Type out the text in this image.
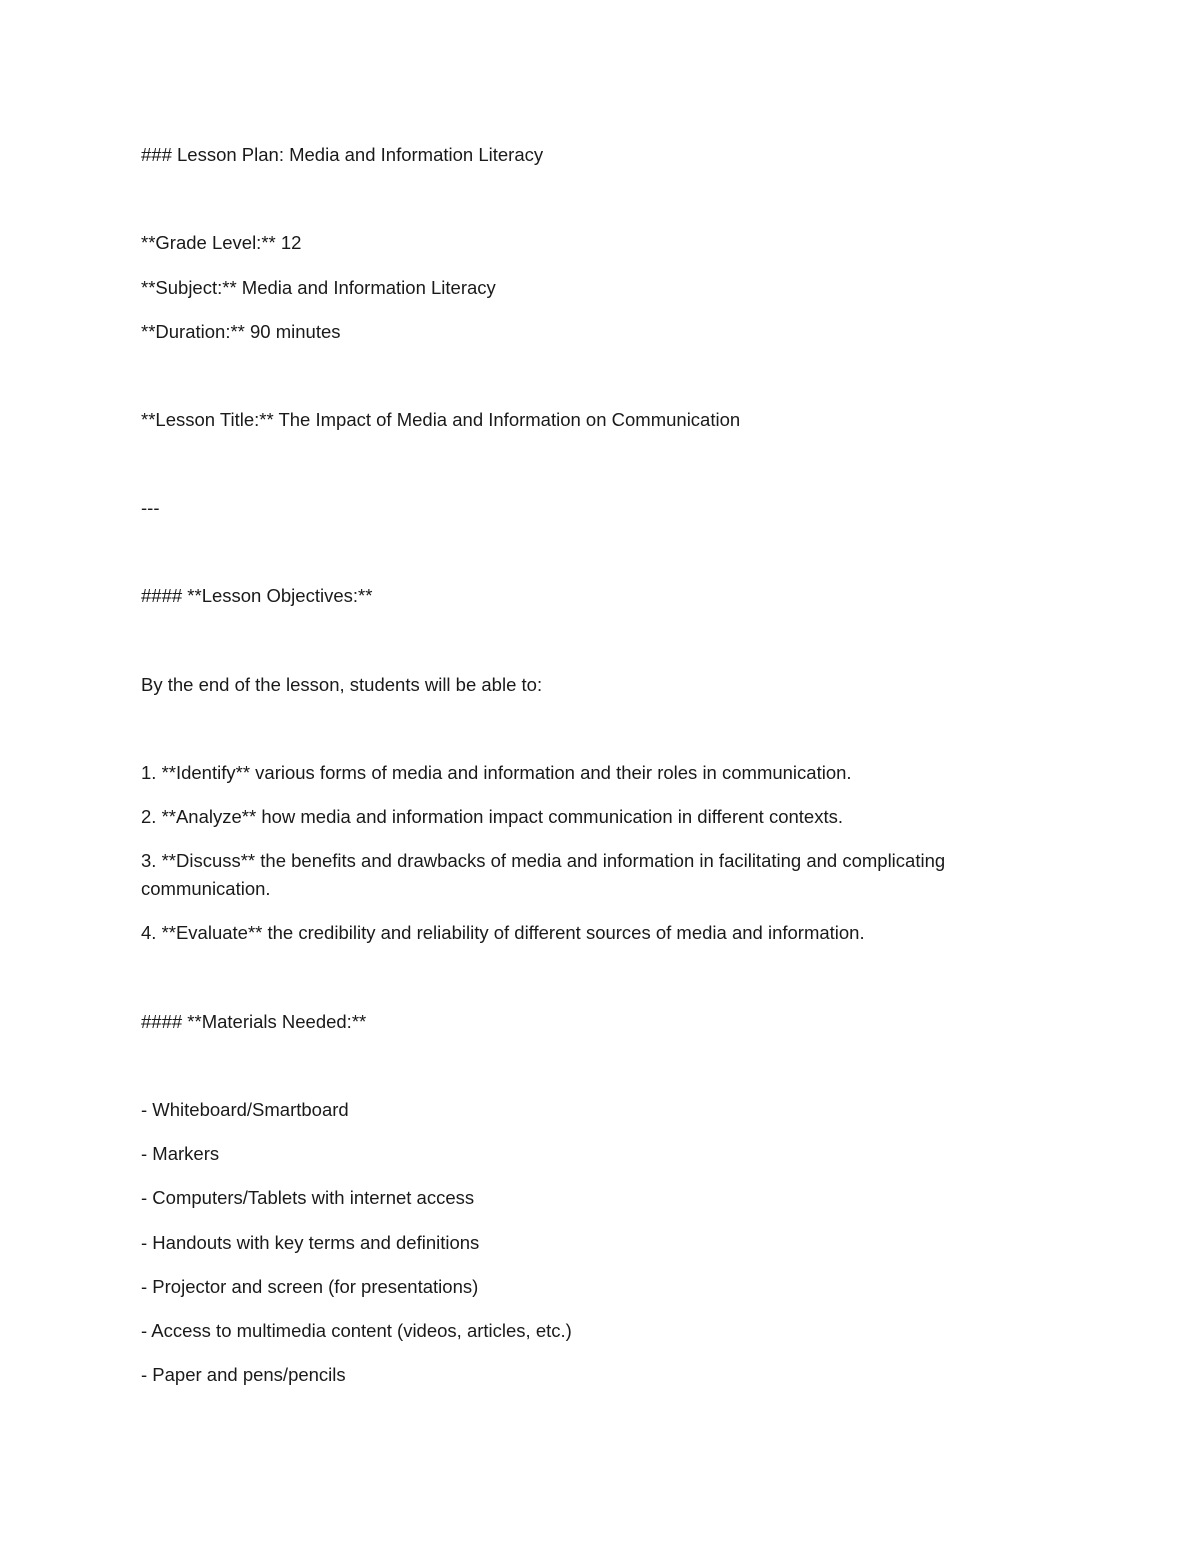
### Lesson Plan: Media and Information Literacy
**Grade Level:** 12
**Subject:** Media and Information Literacy
**Duration:** 90 minutes
**Lesson Title:** The Impact of Media and Information on Communication
---
#### **Lesson Objectives:**
By the end of the lesson, students will be able to:
1. **Identify** various forms of media and information and their roles in communication.
2. **Analyze** how media and information impact communication in different contexts.
3. **Discuss** the benefits and drawbacks of media and information in facilitating and complicating communication.
4. **Evaluate** the credibility and reliability of different sources of media and information.
#### **Materials Needed:**
- Whiteboard/Smartboard
- Markers
- Computers/Tablets with internet access
- Handouts with key terms and definitions
- Projector and screen (for presentations)
- Access to multimedia content (videos, articles, etc.)
- Paper and pens/pencils
